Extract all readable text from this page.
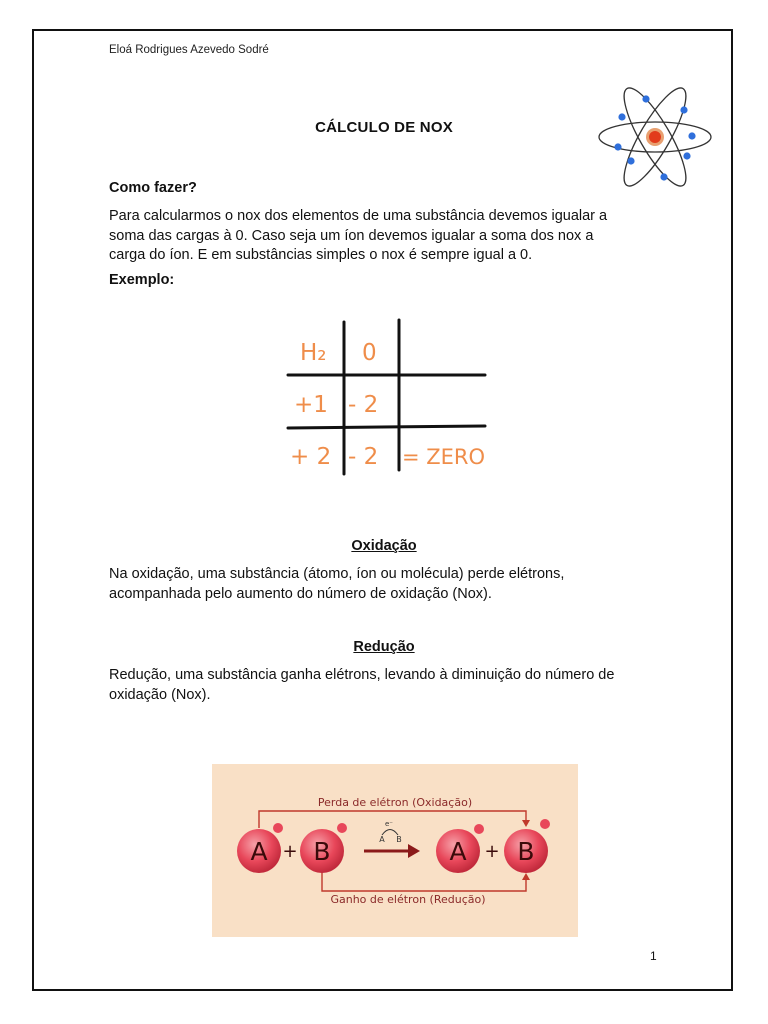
Eloá Rodrigues Azevedo Sodré
CÁLCULO DE NOX
Como fazer?
Para calcularmos o nox dos elementos de uma substância devemos igualar a
soma das cargas à 0. Caso seja um íon devemos igualar a soma dos nox a
carga do íon. E em substâncias simples o nox é sempre igual a 0.
Exemplo:
H₂ 0
+1 - 2
+ 2 - 2 = ZERO
Oxidação
Na oxidação, uma substância (átomo, íon ou molécula) perde elétrons,
acompanhada pelo aumento do número de oxidação (Nox).
Redução
Redução, uma substância ganha elétrons, levando à diminuição do número de
oxidação (Nox).
Perda de elétron (Oxidação)
Ganho de elétron (Redução)
A + B
e⁻
A B A + B
1
